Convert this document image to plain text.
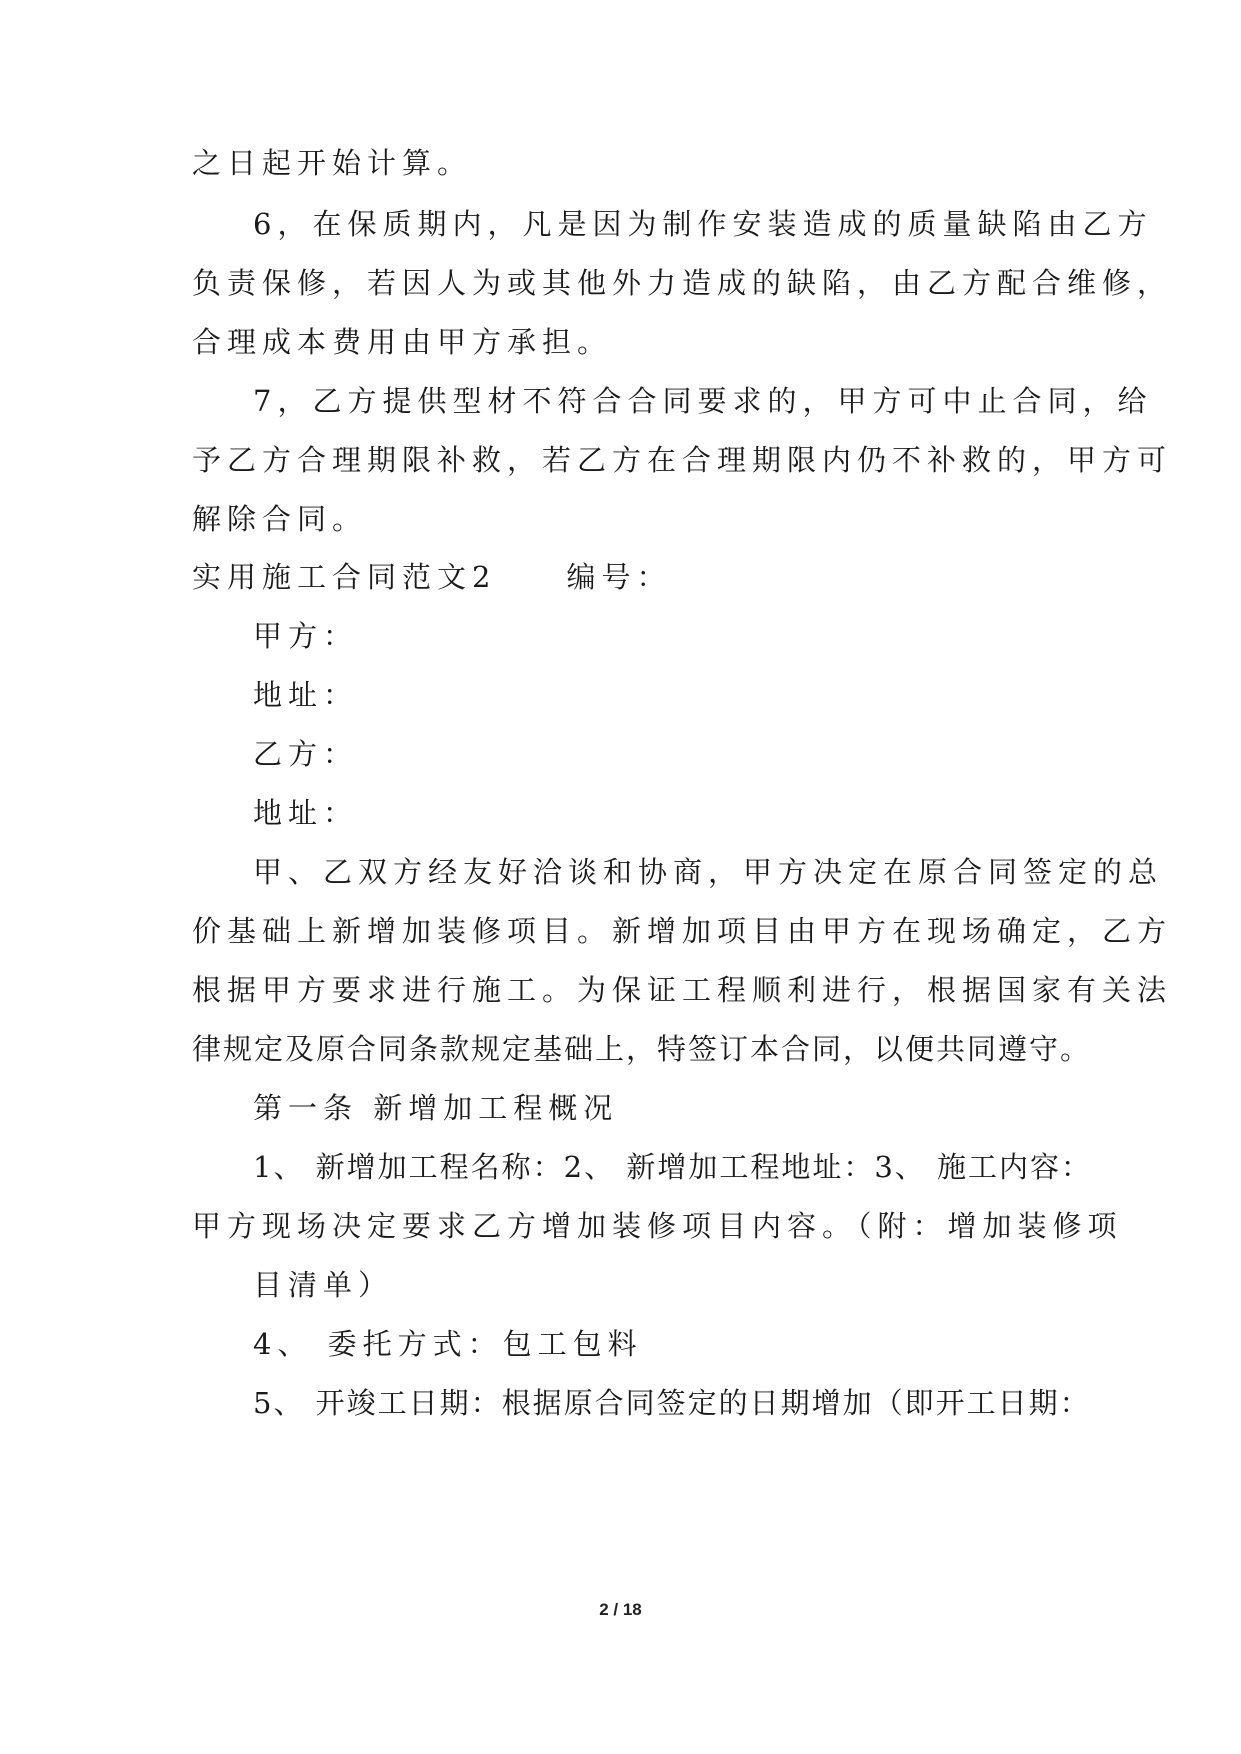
之日起开始计算。
6，在保质期内，凡是因为制作安装造成的质量缺陷由乙方
负责保修，若因人为或其他外力造成的缺陷，由乙方配合维修，
合理成本费用由甲方承担。
7，乙方提供型材不符合合同要求的，甲方可中止合同，给
予乙方合理期限补救，若乙方在合理期限内仍不补救的，甲方可
解除合同。
实用施工合同范文2　　编号：
甲方：
地址：
乙方：
地址：
甲、乙双方经友好洽谈和协商，甲方决定在原合同签定的总
价基础上新增加装修项目。新增加项目由甲方在现场确定，乙方
根据甲方要求进行施工。为保证工程顺利进行，根据国家有关法
律规定及原合同条款规定基础上，特签订本合同，以便共同遵守。
第一条 新增加工程概况
1、 新增加工程名称：2、 新增加工程地址：3、 施工内容：
甲方现场决定要求乙方增加装修项目内容。（附：增加装修项
目清单）
4、 委托方式：包工包料
5、 开竣工日期：根据原合同签定的日期增加（即开工日期：
2 / 18
